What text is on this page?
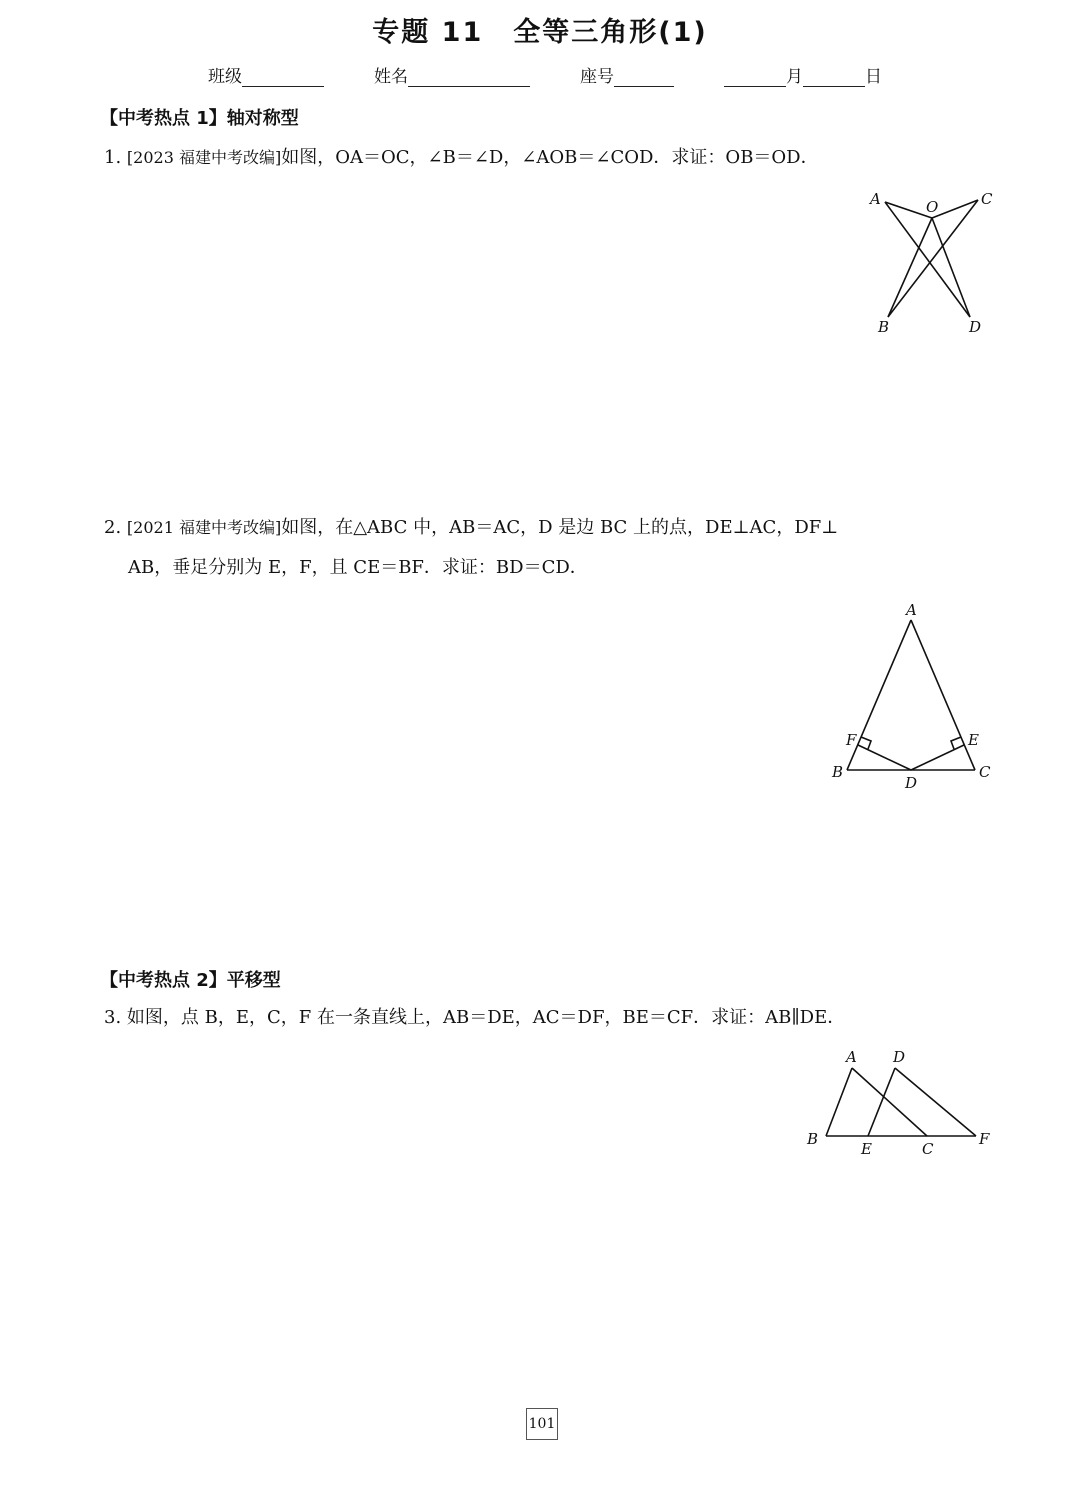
专题 11 全等三角形(1)
班级	姓名	座号	月	日
【中考热点 1】轴对称型
1. [2023 福建中考改编]如图，OA＝OC，∠B＝∠D，∠AOB＝∠COD．求证：OB＝OD．
A	O	C
B	D
2. [2021 福建中考改编]如图，在△ABC 中，AB＝AC，D 是边 BC 上的点，DE⊥AC，DF⊥
AB，垂足分别为 E，F，且 CE＝BF．求证：BD＝CD．
A
F	E
B	C
D
【中考热点 2】平移型
3. 如图，点 B，E，C，F 在一条直线上，AB＝DE，AC＝DF，BE＝CF．求证：AB∥DE．
A D
B
E	C
F
101
